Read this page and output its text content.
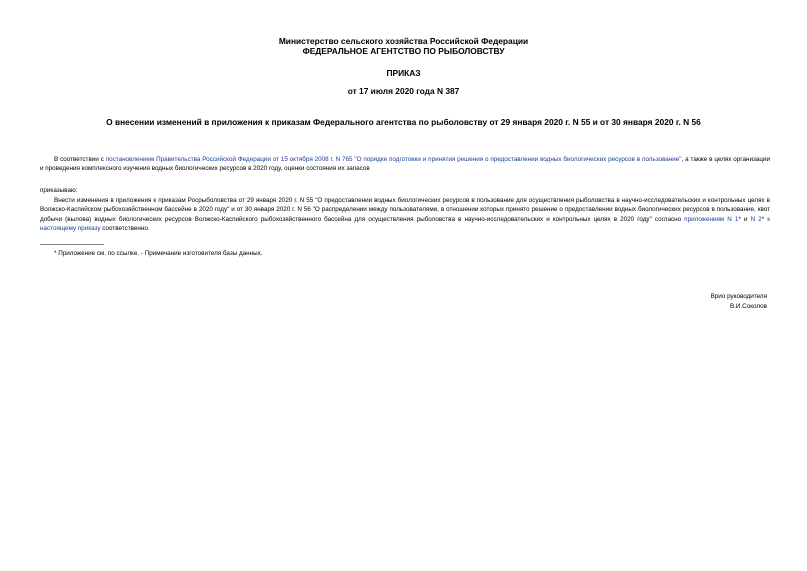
Министерство сельского хозяйства Российской Федерации
ФЕДЕРАЛЬНОЕ АГЕНТСТВО ПО РЫБОЛОВСТВУ
ПРИКАЗ
от 17 июля 2020 года N 387
О внесении изменений в приложения к приказам Федерального агентства по рыболовству от 29 января 2020 г. N 55 и от 30 января 2020 г. N 56
В соответствии с постановлением Правительства Российской Федерации от 15 октября 2008 г. N 765 "О порядке подготовки и принятия решения о предоставлении водных биологических ресурсов в пользование", а также в целях организации и проведения комплексного изучения водных биологических ресурсов в 2020 году, оценки состояния их запасов
приказываю:
Внести изменения в приложения к приказам Росрыболовства от 29 января 2020 г. N 55 "О предоставлении водных биологических ресурсов в пользование для осуществления рыболовства в научно-исследовательских и контрольных целях в Волжско-Каспийском рыбохозяйственном бассейне в 2020 году" и от 30 января 2020 г. N 56 "О распределении между пользователями, в отношении которых принято решение о предоставлении водных биологических ресурсов в пользование, квот добычи (вылова) водных биологических ресурсов Волжско-Каспийского рыбохозяйственного бассейна для осуществления рыболовства в научно-исследовательских и контрольных целях в 2020 году" согласно приложениям N 1* и N 2* к настоящему приказу соответственно.
* Приложение см. по ссылке. - Примечание изготовителя базы данных.
Врио руководителя
В.И.Соколов
